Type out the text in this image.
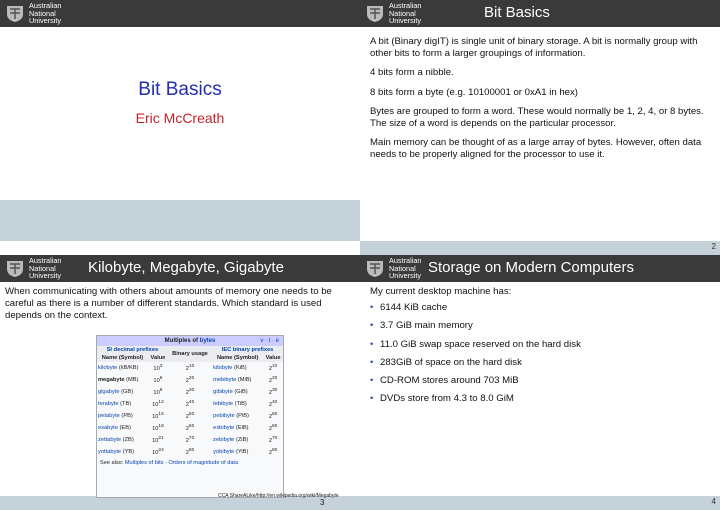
Australian
National
University
Bit Basics
Eric McCreath
Australian
National
University	Bit Basics

A bit (Binary digIT) is single unit of binary storage. A bit is normally group with other bits to form a larger groupings of information.

4 bits form a nibble.

8 bits form a byte (e.g. 10100001 or 0xA1 in hex)

Bytes are grouped to form a word. These would normally be 1, 2, 4, or 8 bytes. The size of a word is depends on the particular processor.

Main memory can be thought of as a large array of bytes. However, often data needs to be properly aligned for the processor to use it.

2
Australian
National
University Kilobyte, Megabyte, Gigabyte

When communicating with others about amounts of memory one needs to be careful as there is a number of different standards. Which standard is used depends on the context.

Australian
National
University Storage on Modern Computers

My current desktop machine has:

• 6144 KiB cache
• 3.7 GiB main memory
• 11.0 GiB swap space reserved on the hard disk
• 283GiB of space on the hard disk
• CD-ROM stores around 703 MiB
• DVDs store from 4.3 to 8.0 GiM
4
Multiples of bytes	v · t · e
SI decimal prefixes		Binary usage	IEC binary prefixes	
Name (Symbol)	Value		Name (Symbol)	Value
kilobyte (kB/KB)	$10^3$	$2^{10}$	kibibyte (KiB)	$2^{10}$
megabyte (MB)	$10^6$	$2^{20}$	mebibyte (MiB)	$2^{20}$
gigabyte (GB)	$10^9$	$2^{30}$	gibibyte (GiB)	$2^{30}$
terabyte (TB)	$10^{12}$	$2^{40}$	tebibyte (TiB)	$2^{40}$
petabyte (PB)	$10^{15}$	$2^{50}$	pebibyte (PiB)	$2^{50}$
exabyte (EB)	$10^{18}$	$2^{60}$	exbibyte (EiB)	$2^{60}$
zettabyte (ZB)	$10^{21}$	$2^{70}$	zebibyte (ZiB)	$2^{70}$
yottabyte (YB)	$10^{24}$	$2^{80}$	yobibyte (YiB)	$2^{80}$
See also: Multiples of bits · Orders of magnitude of data
CCA ShareALike/http://en.wikipedia.org/wiki/Megabyte
3
